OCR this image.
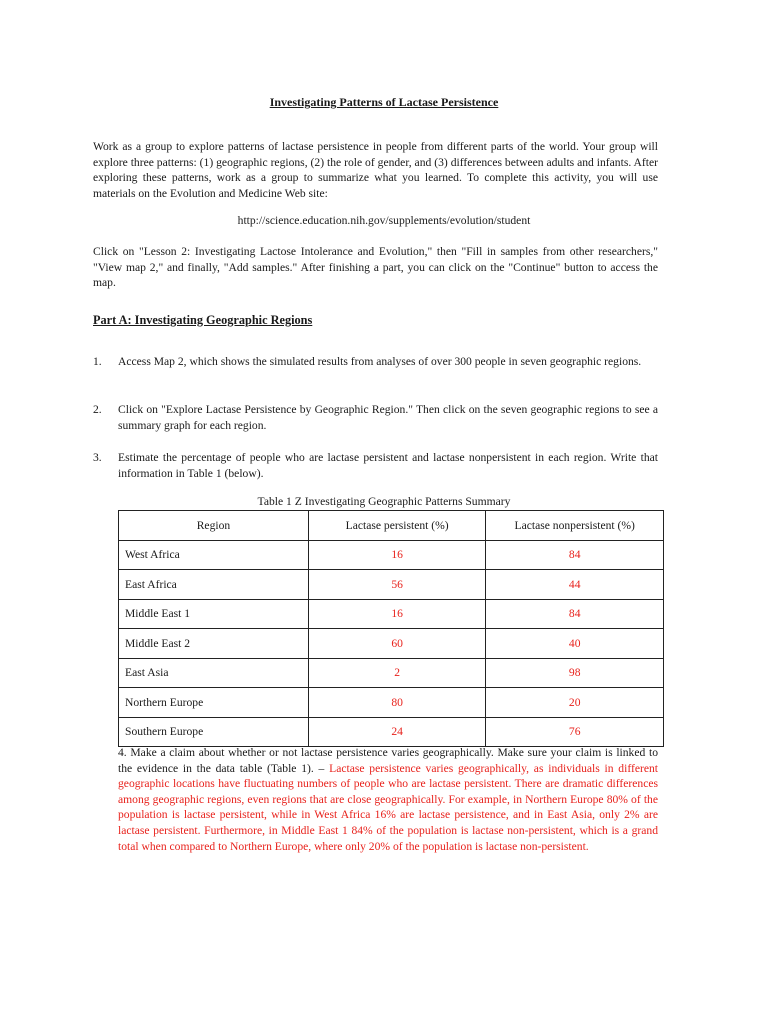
Investigating Patterns of Lactase Persistence
Work as a group to explore patterns of lactase persistence in people from different parts of the world. Your group will explore three patterns: (1) geographic regions, (2) the role of gender, and (3) differences between adults and infants. After exploring these patterns, work as a group to summarize what you learned. To complete this activity, you will use materials on the Evolution and Medicine Web site:
http://science.education.nih.gov/supplements/evolution/student
Click on "Lesson 2: Investigating Lactose Intolerance and Evolution," then "Fill in samples from other researchers," "View map 2," and finally, "Add samples." After finishing a part, you can click on the "Continue" button to access the map.
Part A: Investigating Geographic Regions
1. Access Map 2, which shows the simulated results from analyses of over 300 people in seven geographic regions.
2. Click on "Explore Lactase Persistence by Geographic Region." Then click on the seven geographic regions to see a summary graph for each region.
3. Estimate the percentage of people who are lactase persistent and lactase nonpersistent in each region. Write that information in Table 1 (below).
Table 1 Z Investigating Geographic Patterns Summary
Region	Lactase persistent (%)	Lactase nonpersistent (%)
West Africa	16	84
East Africa	56	44
Middle East 1	16	84
Middle East 2	60	40
East Asia	2	98
Northern Europe	80	20
Southern Europe	24	76
4. Make a claim about whether or not lactase persistence varies geographically. Make sure your claim is linked to the evidence in the data table (Table 1). – Lactase persistence varies geographically, as individuals in different geographic locations have fluctuating numbers of people who are lactase persistent. There are dramatic differences among geographic regions, even regions that are close geographically. For example, in Northern Europe 80% of the population is lactase persistent, while in West Africa 16% are lactase persistence, and in East Asia, only 2% are lactase persistent. Furthermore, in Middle East 1 84% of the population is lactase non-persistent, which is a grand total when compared to Northern Europe, where only 20% of the population is lactase non-persistent.
